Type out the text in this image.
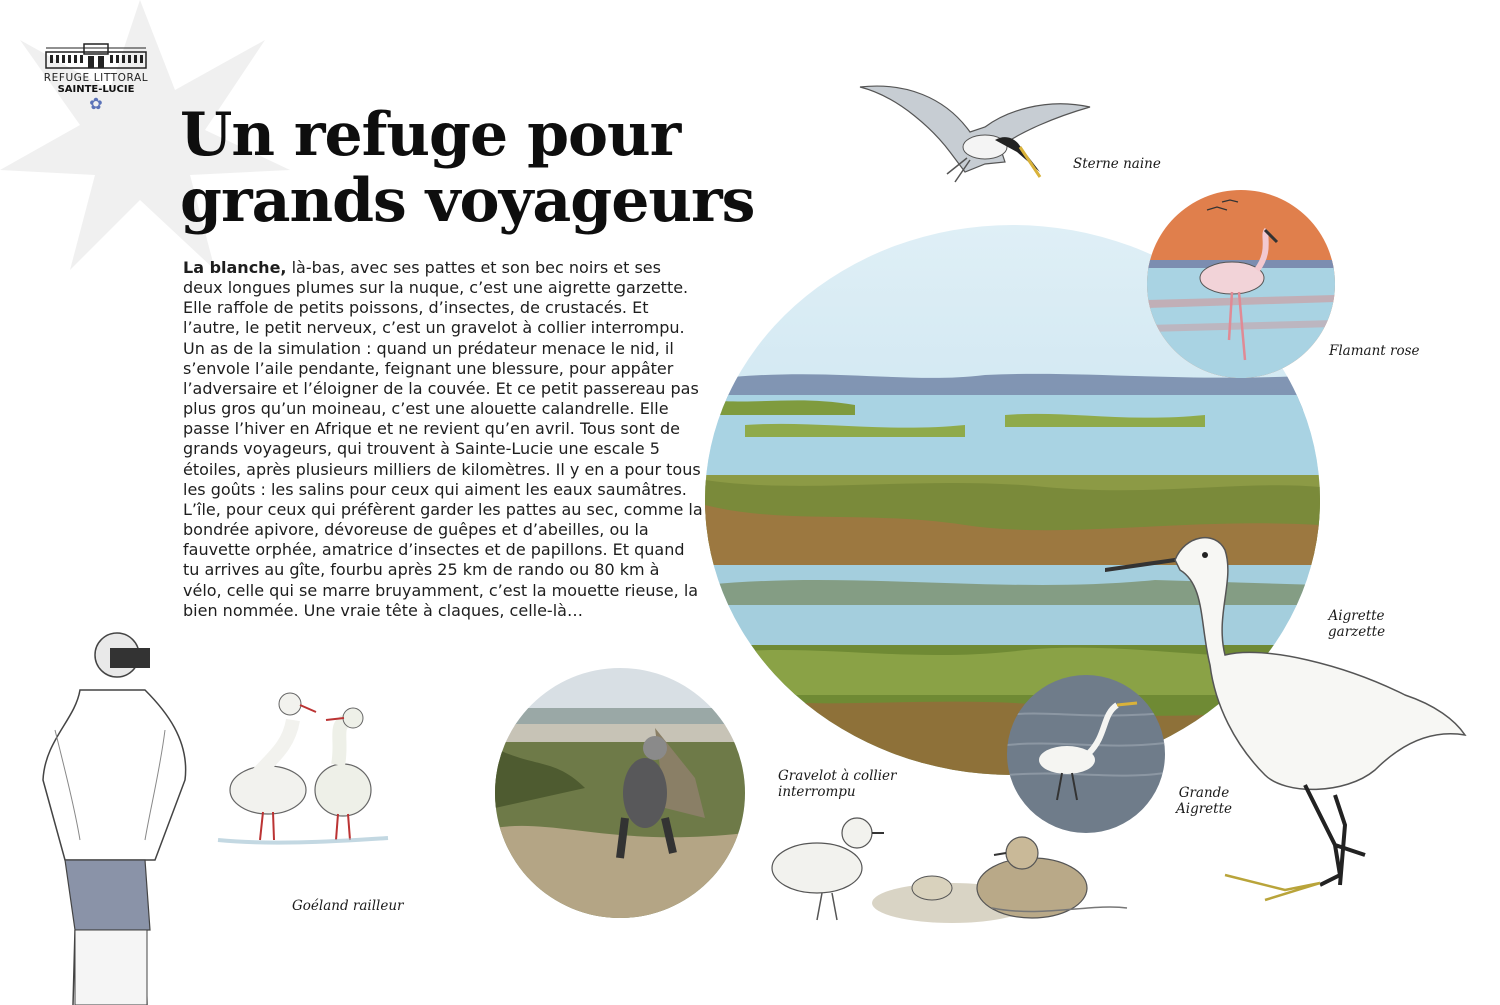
REFUGE LITTORAL
SAINTE-LUCIE
✿	Un refuge pour
grands voyageurs

La blanche, là-bas, avec ses pattes et son bec noirs et ses deux longues plumes sur la nuque, c’est une aigrette garzette. Elle raffole de petits poissons, d’insectes, de crustacés. Et l’autre, le petit nerveux, c’est un gravelot à collier interrompu. Un as de la simulation : quand un prédateur menace le nid, il s’envole l’aile pendante, feignant une blessure, pour appâter l’adversaire et l’éloigner de la couvée. Et ce petit passereau pas plus gros qu’un moineau, c’est une alouette calandrelle. Elle passe l’hiver en Afrique et ne revient qu’en avril. Tous sont de grands voyageurs, qui trouvent à Sainte-Lucie une escale 5 étoiles, après plusieurs milliers de kilomètres. Il y en a pour tous les goûts : les salins pour ceux qui aiment les eaux saumâtres. L’île, pour ceux qui préfèrent garder les pattes au sec, comme la bondrée apivore, dévoreuse de guêpes et d’abeilles, ou la fauvette orphée, amatrice d’insectes et de papillons. Et quand tu arrives au gîte, fourbu après 25 km de rando ou 80 km à vélo, celle qui se marre bruyamment, c’est la mouette rieuse, la bien nommée. Une vraie tête à claques, celle-là…

Sterne naine
Flamant rose
Grande
Aigrette
Aigrette
garzette
Gravelot à collier
interrompu
Goéland railleur
